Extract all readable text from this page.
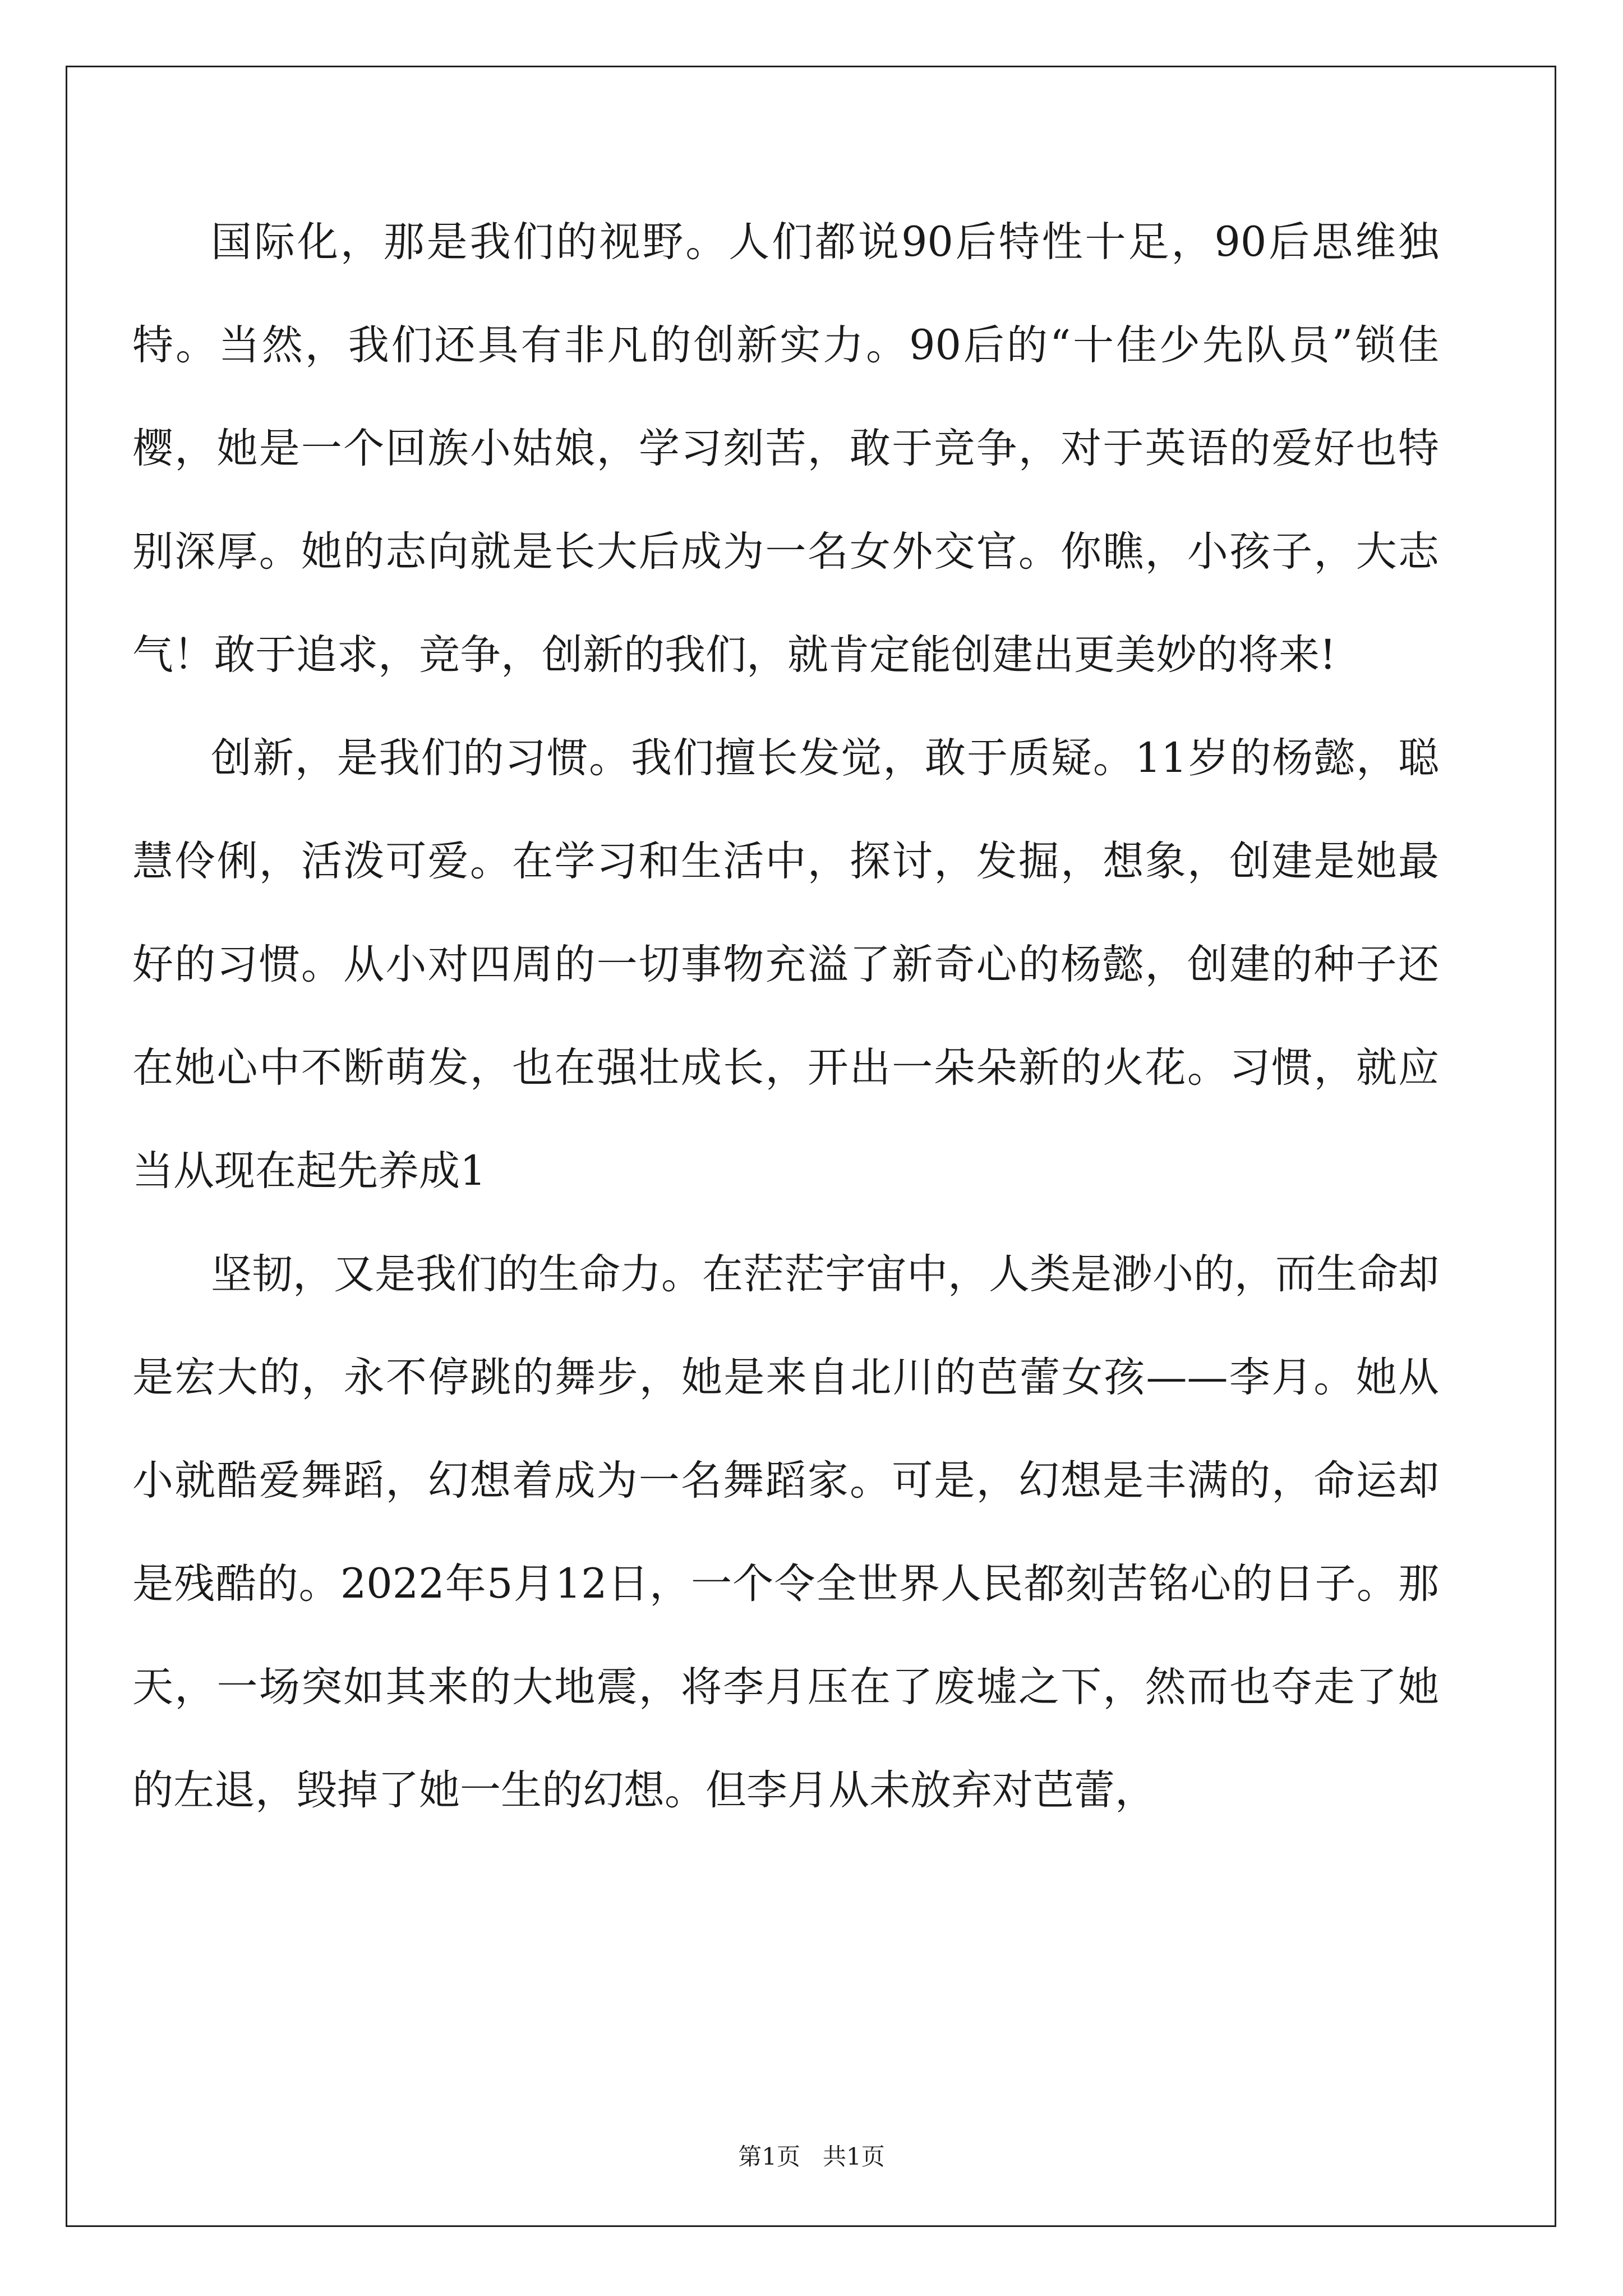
国际化，那是我们的视野。人们都说90后特性十足，90后思维独特。当然，我们还具有非凡的创新实力。90后的“十佳少先队员”锁佳樱，她是一个回族小姑娘，学习刻苦，敢于竞争，对于英语的爱好也特别深厚。她的志向就是长大后成为一名女外交官。你瞧，小孩子，大志气！敢于追求，竞争，创新的我们，就肯定能创建出更美妙的将来!

创新，是我们的习惯。我们擅长发觉，敢于质疑。11岁的杨懿，聪慧伶俐，活泼可爱。在学习和生活中，探讨，发掘，想象，创建是她最好的习惯。从小对四周的一切事物充溢了新奇心的杨懿，创建的种子还在她心中不断萌发，也在强壮成长，开出一朵朵新的火花。习惯，就应当从现在起先养成1

坚韧，又是我们的生命力。在茫茫宇宙中，人类是渺小的，而生命却是宏大的，永不停跳的舞步，她是来自北川的芭蕾女孩——李月。她从小就酷爱舞蹈，幻想着成为一名舞蹈家。可是，幻想是丰满的，命运却是残酷的。2022年5月12日，一个令全世界人民都刻苦铭心的日子。那天，一场突如其来的大地震，将李月压在了废墟之下，然而也夺走了她的左退，毁掉了她一生的幻想。但李月从未放弃对芭蕾，

第1页   共1页
